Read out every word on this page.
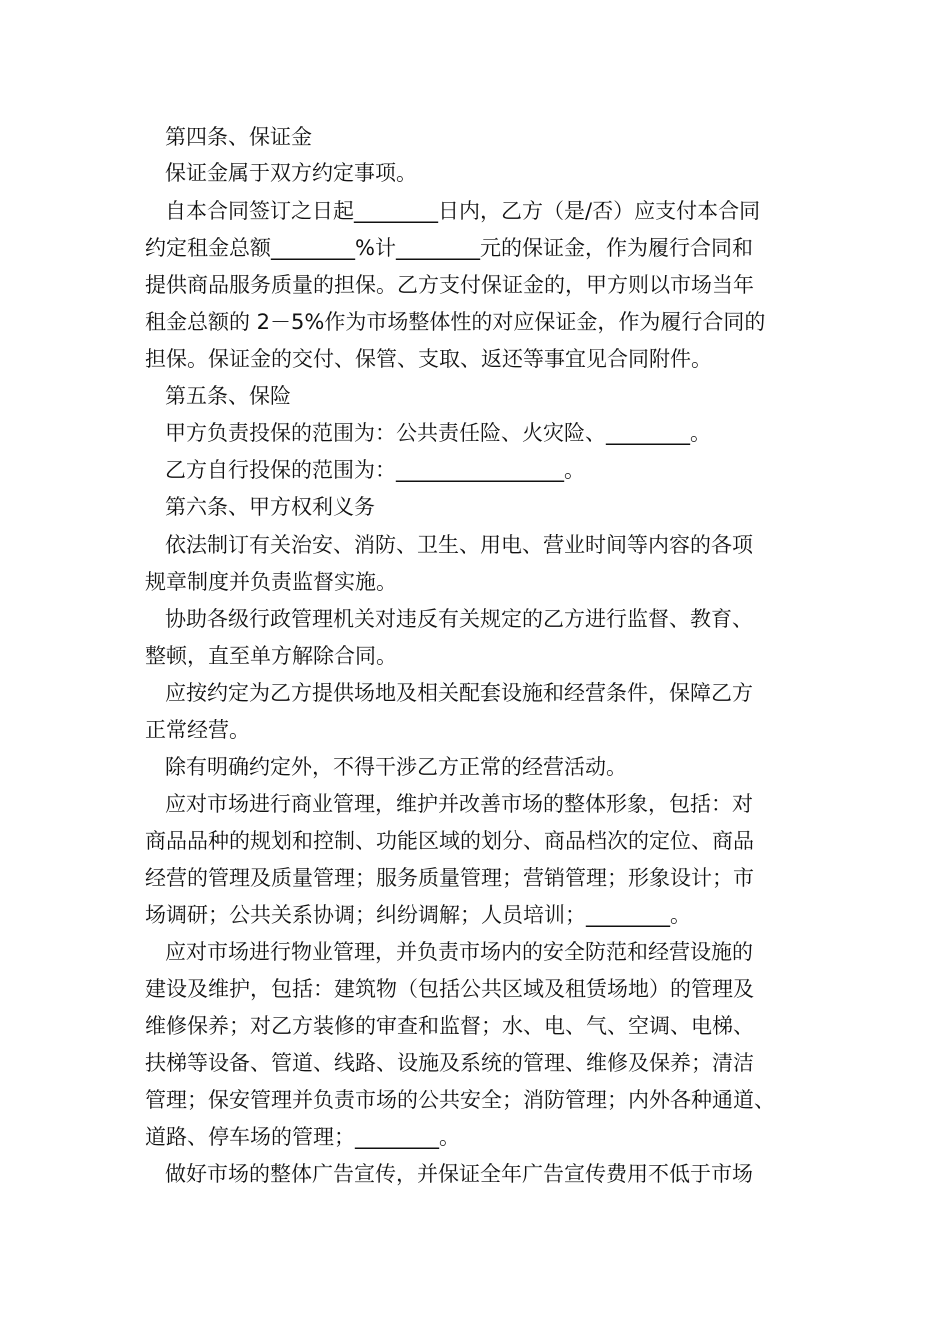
第四条、保证金
保证金属于双方约定事项。
自本合同签订之日起________日内，乙方（是/否）应支付本合同
约定租金总额________%计________元的保证金，作为履行合同和
提供商品服务质量的担保。乙方支付保证金的，甲方则以市场当年
租金总额的 2－5%作为市场整体性的对应保证金，作为履行合同的
担保。保证金的交付、保管、支取、返还等事宜见合同附件。
第五条、保险
甲方负责投保的范围为：公共责任险、火灾险、________。
乙方自行投保的范围为：________________。
第六条、甲方权利义务
依法制订有关治安、消防、卫生、用电、营业时间等内容的各项
规章制度并负责监督实施。
协助各级行政管理机关对违反有关规定的乙方进行监督、教育、
整顿，直至单方解除合同。
应按约定为乙方提供场地及相关配套设施和经营条件，保障乙方
正常经营。
除有明确约定外，不得干涉乙方正常的经营活动。
应对市场进行商业管理，维护并改善市场的整体形象，包括：对
商品品种的规划和控制、功能区域的划分、商品档次的定位、商品
经营的管理及质量管理；服务质量管理；营销管理；形象设计；市
场调研；公共关系协调；纠纷调解；人员培训；________。
应对市场进行物业管理，并负责市场内的安全防范和经营设施的
建设及维护，包括：建筑物（包括公共区域及租赁场地）的管理及
维修保养；对乙方装修的审查和监督；水、电、气、空调、电梯、
扶梯等设备、管道、线路、设施及系统的管理、维修及保养；清洁
管理；保安管理并负责市场的公共安全；消防管理；内外各种通道、
道路、停车场的管理；________。
做好市场的整体广告宣传，并保证全年广告宣传费用不低于市场
